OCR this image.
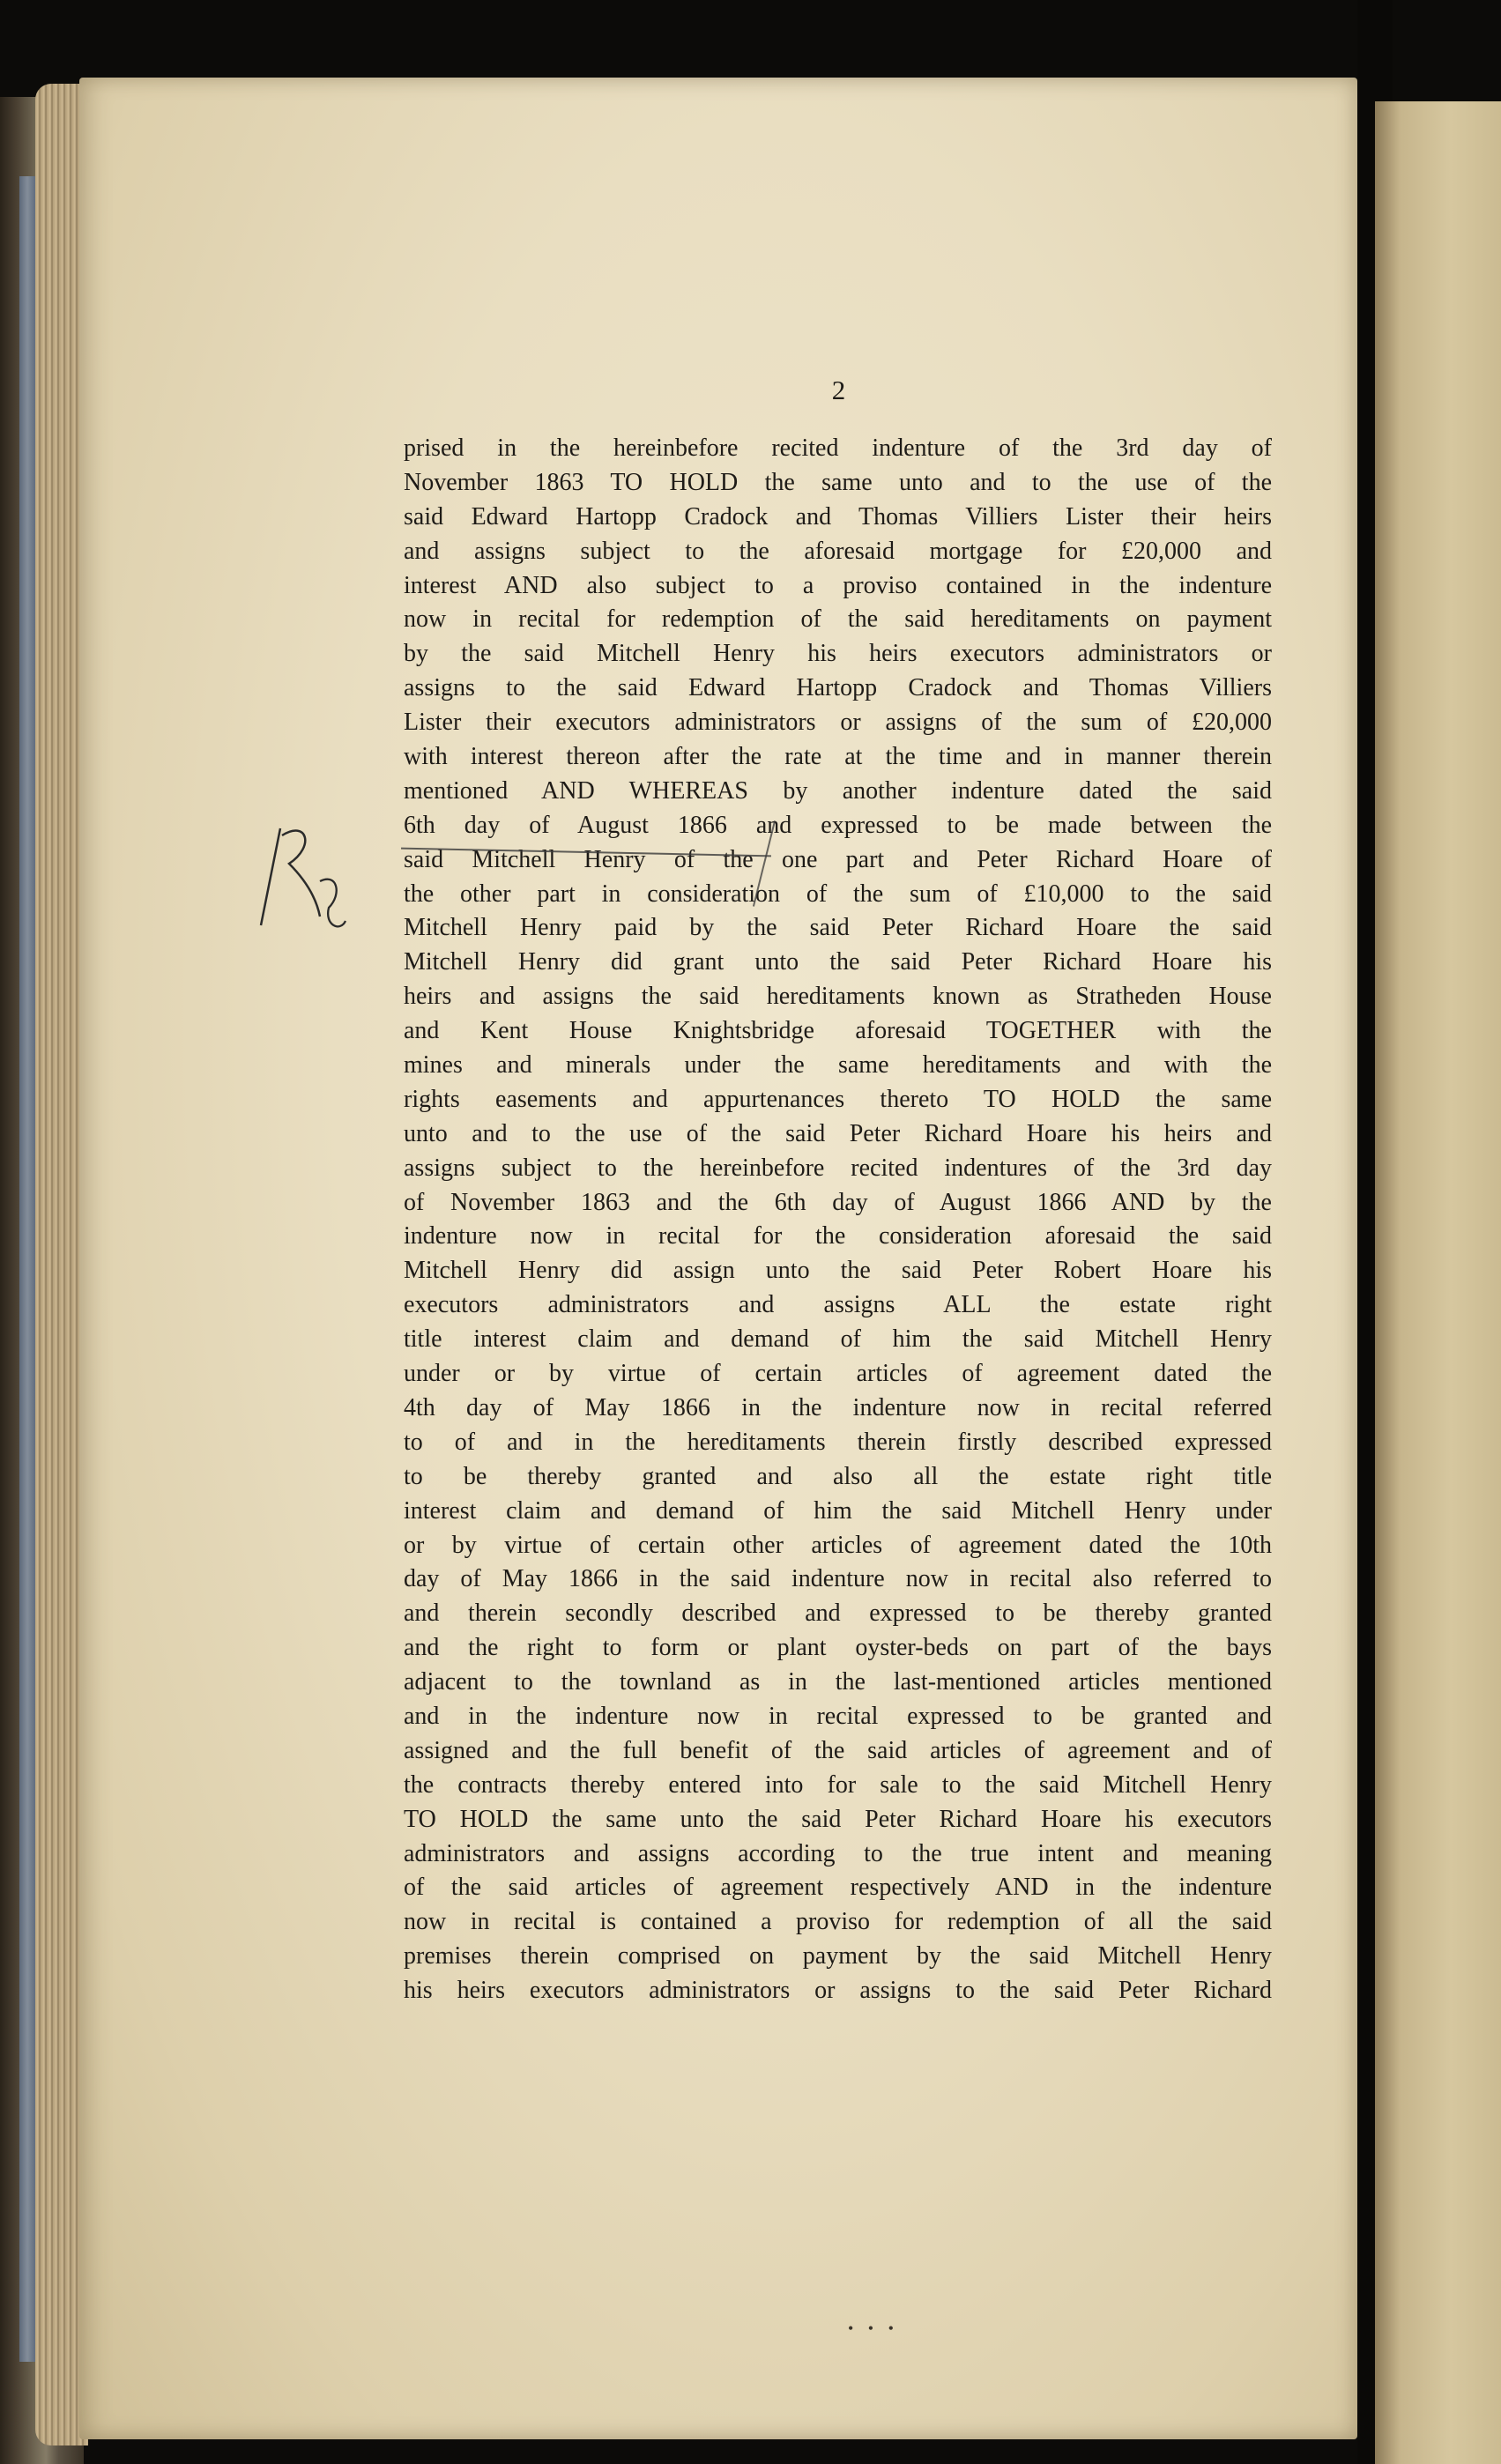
2
prised in the hereinbefore recited indenture of the 3rd day of
November 1863 TO HOLD the same unto and to the use of the
said Edward Hartopp Cradock and Thomas Villiers Lister their heirs
and assigns subject to the aforesaid mortgage for £20,000 and
interest AND also subject to a proviso contained in the indenture
now in recital for redemption of the said hereditaments on payment
by the said Mitchell Henry his heirs executors administrators or
assigns to the said Edward Hartopp Cradock and Thomas Villiers
Lister their executors administrators or assigns of the sum of £20,000
with interest thereon after the rate at the time and in manner therein
mentioned AND WHEREAS by another indenture dated the said
6th day of August 1866 and expressed to be made between the
said Mitchell Henry of the one part and Peter Richard Hoare of
the other part in consideration of the sum of £10,000 to the said
Mitchell Henry paid by the said Peter Richard Hoare the said
Mitchell Henry did grant unto the said Peter Richard Hoare his
heirs and assigns the said hereditaments known as Stratheden House
and Kent House Knightsbridge aforesaid TOGETHER with the
mines and minerals under the same hereditaments and with the
rights easements and appurtenances thereto TO HOLD the same
unto and to the use of the said Peter Richard Hoare his heirs and
assigns subject to the hereinbefore recited indentures of the 3rd day
of November 1863 and the 6th day of August 1866 AND by the
indenture now in recital for the consideration aforesaid the said
Mitchell Henry did assign unto the said Peter Robert Hoare his
executors administrators and assigns ALL the estate right
title interest claim and demand of him the said Mitchell Henry
under or by virtue of certain articles of agreement dated the
4th day of May 1866 in the indenture now in recital referred
to of and in the hereditaments therein firstly described expressed
to be thereby granted and also all the estate right title
interest claim and demand of him the said Mitchell Henry under
or by virtue of certain other articles of agreement dated the 10th
day of May 1866 in the said indenture now in recital also referred to
and therein secondly described and expressed to be thereby granted
and the right to form or plant oyster-beds on part of the bays
adjacent to the townland as in the last-mentioned articles mentioned
and in the indenture now in recital expressed to be granted and
assigned and the full benefit of the said articles of agreement and of
the contracts thereby entered into for sale to the said Mitchell Henry
TO HOLD the same unto the said Peter Richard Hoare his executors
administrators and assigns according to the true intent and meaning
of the said articles of agreement respectively AND in the indenture
now in recital is contained a proviso for redemption of all the said
premises therein comprised on payment by the said Mitchell Henry
his heirs executors administrators or assigns to the said Peter Richard
• • •
